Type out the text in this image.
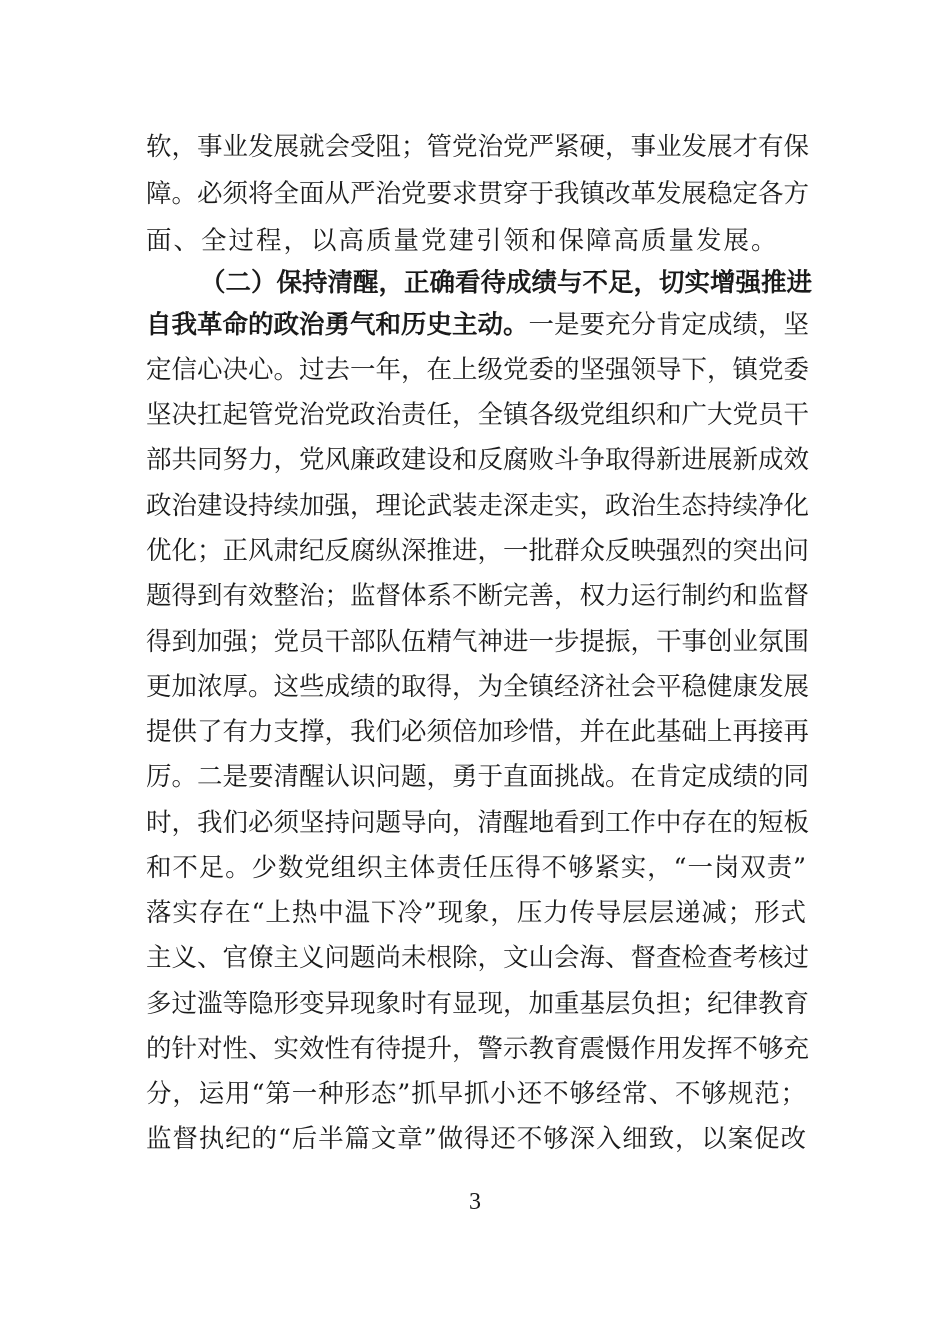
软，事业发展就会受阻；管党治党严紧硬，事业发展才有保
障。必须将全面从严治党要求贯穿于我镇改革发展稳定各方
面、全过程，以高质量党建引领和保障高质量发展。
（二）保持清醒，正确看待成绩与不足，切实增强推进
自我革命的政治勇气和历史主动。一是要充分肯定成绩，坚
定信心决心。过去一年，在上级党委的坚强领导下，镇党委
坚决扛起管党治党政治责任，全镇各级党组织和广大党员干
部共同努力，党风廉政建设和反腐败斗争取得新进展新成效
政治建设持续加强，理论武装走深走实，政治生态持续净化
优化；正风肃纪反腐纵深推进，一批群众反映强烈的突出问
题得到有效整治；监督体系不断完善，权力运行制约和监督
得到加强；党员干部队伍精气神进一步提振，干事创业氛围
更加浓厚。这些成绩的取得，为全镇经济社会平稳健康发展
提供了有力支撑，我们必须倍加珍惜，并在此基础上再接再
厉。二是要清醒认识问题，勇于直面挑战。在肯定成绩的同
时，我们必须坚持问题导向，清醒地看到工作中存在的短板
和不足。少数党组织主体责任压得不够紧实，“一岗双责”
落实存在“上热中温下冷”现象，压力传导层层递减；形式
主义、官僚主义问题尚未根除，文山会海、督查检查考核过
多过滥等隐形变异现象时有显现，加重基层负担；纪律教育
的针对性、实效性有待提升，警示教育震慑作用发挥不够充
分，运用“第一种形态”抓早抓小还不够经常、不够规范；
监督执纪的“后半篇文章”做得还不够深入细致，以案促改
3
